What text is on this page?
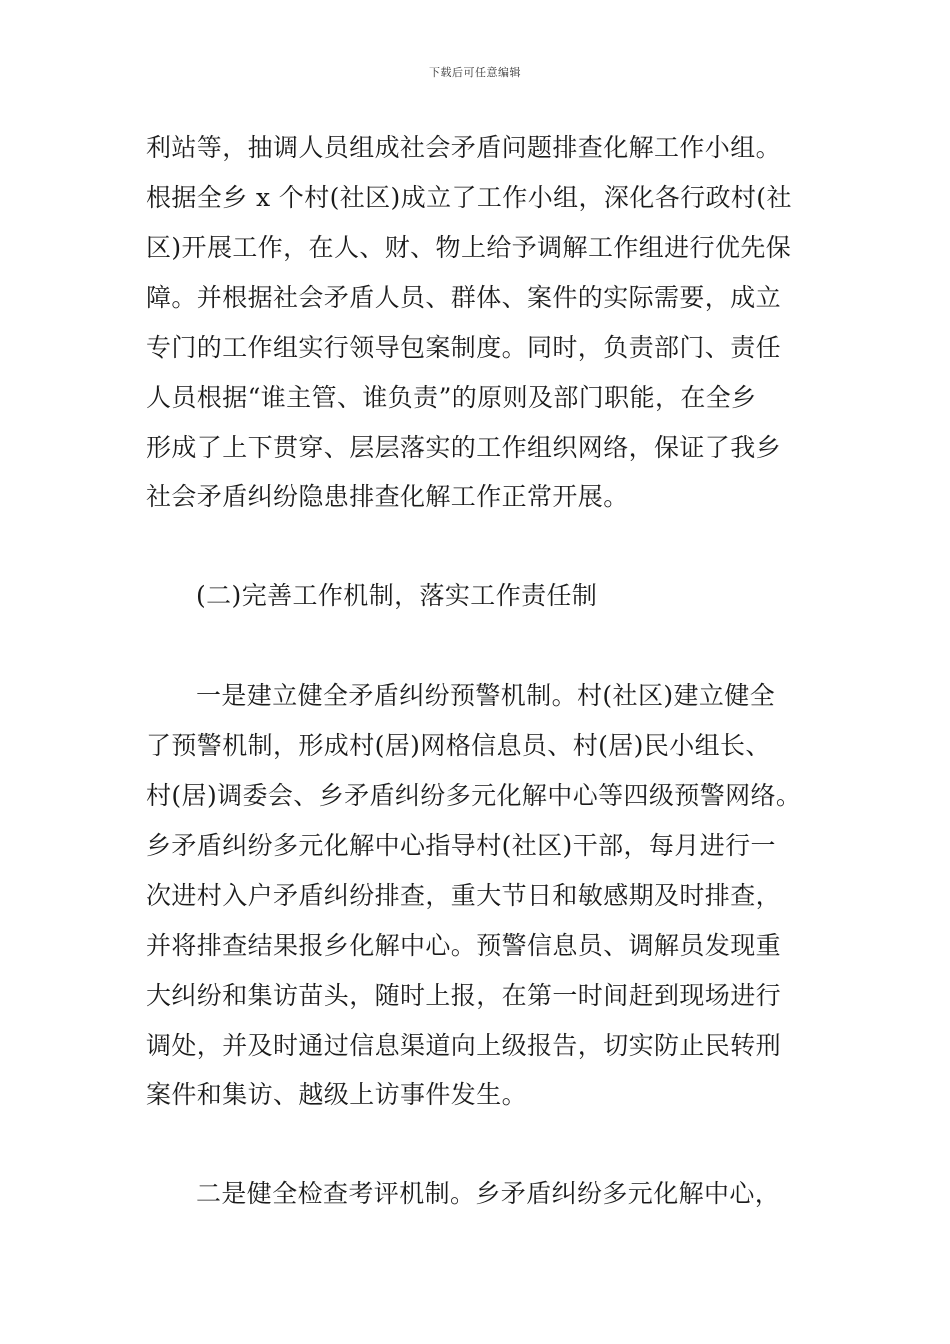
下载后可任意编辑
利站等，抽调人员组成社会矛盾问题排查化解工作小组。
根据全乡 x 个村(社区)成立了工作小组，深化各行政村(社
区)开展工作，在人、财、物上给予调解工作组进行优先保
障。并根据社会矛盾人员、群体、案件的实际需要，成立
专门的工作组实行领导包案制度。同时，负责部门、责任
人员根据“谁主管、谁负责”的原则及部门职能，在全乡
形成了上下贯穿、层层落实的工作组织网络，保证了我乡
社会矛盾纠纷隐患排查化解工作正常开展。
(二)完善工作机制，落实工作责任制
一是建立健全矛盾纠纷预警机制。村(社区)建立健全
了预警机制，形成村(居)网格信息员、村(居)民小组长、
村(居)调委会、乡矛盾纠纷多元化解中心等四级预警网络。
乡矛盾纠纷多元化解中心指导村(社区)干部，每月进行一
次进村入户矛盾纠纷排查，重大节日和敏感期及时排查，
并将排查结果报乡化解中心。预警信息员、调解员发现重
大纠纷和集访苗头，随时上报，在第一时间赶到现场进行
调处，并及时通过信息渠道向上级报告，切实防止民转刑
案件和集访、越级上访事件发生。
二是健全检查考评机制。乡矛盾纠纷多元化解中心，
